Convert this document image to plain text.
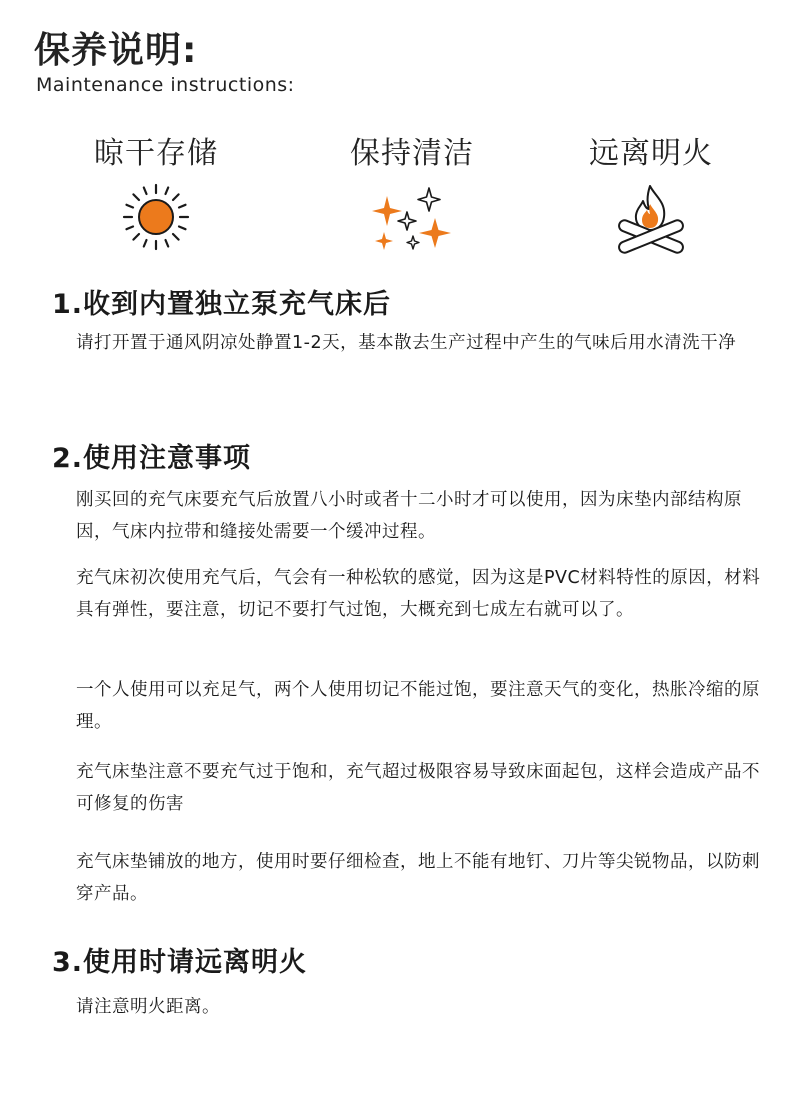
保养说明:
Maintenance instructions:
晾干存储	保持清洁	远离明火
1.收到内置独立泵充气床后

请打开置于通风阴凉处静置1-2天，基本散去生产过程中产生的气味后用水清洗干净

2.使用注意事项

刚买回的充气床要充气后放置八小时或者十二小时才可以使用，因为床垫内部结构原因，气床内拉带和缝接处需要一个缓冲过程。

充气床初次使用充气后，气会有一种松软的感觉，因为这是PVC材料特性的原因，材料具有弹性，要注意，切记不要打气过饱，大概充到七成左右就可以了。

一个人使用可以充足气，两个人使用切记不能过饱，要注意天气的变化，热胀冷缩的原理。

充气床垫注意不要充气过于饱和，充气超过极限容易导致床面起包，这样会造成产品不可修复的伤害

充气床垫铺放的地方，使用时要仔细检查，地上不能有地钉、刀片等尖锐物品，以防刺穿产品。

3.使用时请远离明火

请注意明火距离。
